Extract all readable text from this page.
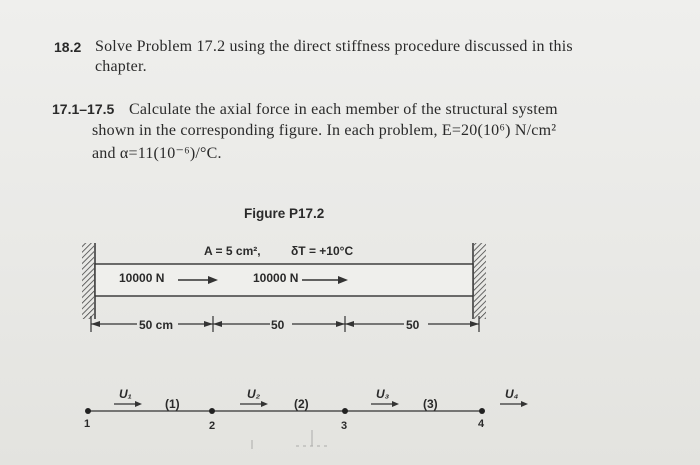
18.2 Solve Problem 17.2 using the direct stiffness procedure discussed in this
chapter.
17.1–17.5 Calculate the axial force in each member of the structural system
shown in the corresponding figure. In each problem, E=20(10⁶) N/cm²
and α=11(10⁻⁶)/°C.
Figure P17.2
A = 5 cm²,	δT = +10°C
10000 N	10000 N
50 cm	50	50
U₁	U₂	U₃	U₄
(1)	(2)	(3)
1	2	3	4
